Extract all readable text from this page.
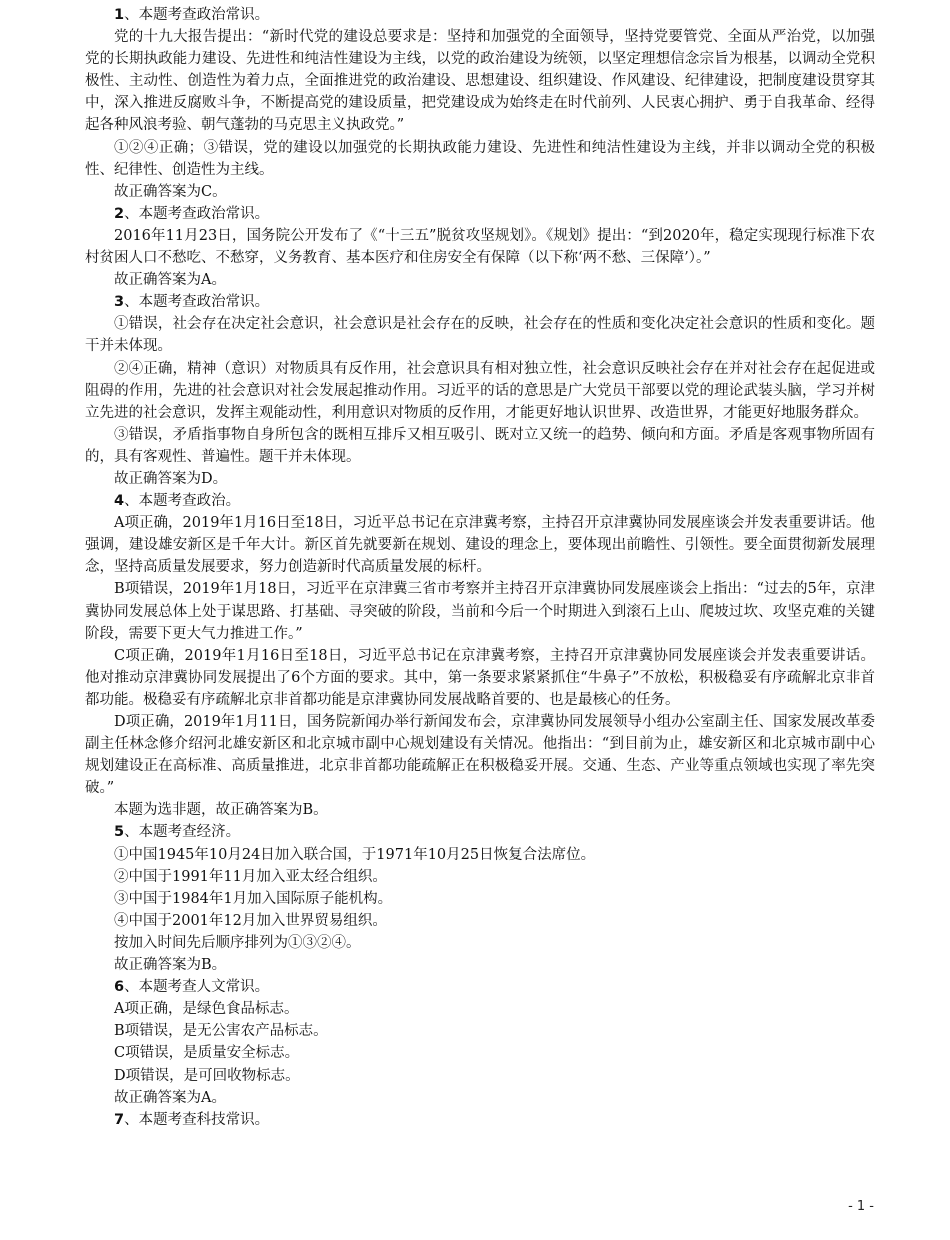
1、本题考查政治常识。

党的十九大报告提出：“新时代党的建设总要求是：坚持和加强党的全面领导，坚持党要管党、全面从严治党，以加强党的长期执政能力建设、先进性和纯洁性建设为主线，以党的政治建设为统领，以坚定理想信念宗旨为根基，以调动全党积极性、主动性、创造性为着力点，全面推进党的政治建设、思想建设、组织建设、作风建设、纪律建设，把制度建设贯穿其中，深入推进反腐败斗争，不断提高党的建设质量，把党建设成为始终走在时代前列、人民衷心拥护、勇于自我革命、经得起各种风浪考验、朝气蓬勃的马克思主义执政党。”

①②④正确；③错误，党的建设以加强党的长期执政能力建设、先进性和纯洁性建设为主线，并非以调动全党的积极性、纪律性、创造性为主线。

故正确答案为C。

2、本题考查政治常识。

2016年11月23日，国务院公开发布了《“十三五”脱贫攻坚规划》。《规划》提出：“到2020年，稳定实现现行标准下农村贫困人口不愁吃、不愁穿，义务教育、基本医疗和住房安全有保障（以下称‘两不愁、三保障’）。”

故正确答案为A。

3、本题考查政治常识。

①错误，社会存在决定社会意识，社会意识是社会存在的反映，社会存在的性质和变化决定社会意识的性质和变化。题干并未体现。

②④正确，精神（意识）对物质具有反作用，社会意识具有相对独立性，社会意识反映社会存在并对社会存在起促进或阻碍的作用，先进的社会意识对社会发展起推动作用。习近平的话的意思是广大党员干部要以党的理论武装头脑，学习并树立先进的社会意识，发挥主观能动性，利用意识对物质的反作用，才能更好地认识世界、改造世界，才能更好地服务群众。

③错误，矛盾指事物自身所包含的既相互排斥又相互吸引、既对立又统一的趋势、倾向和方面。矛盾是客观事物所固有的，具有客观性、普遍性。题干并未体现。

故正确答案为D。

4、本题考查政治。

A项正确，2019年1月16日至18日，习近平总书记在京津冀考察，主持召开京津冀协同发展座谈会并发表重要讲话。他强调，建设雄安新区是千年大计。新区首先就要新在规划、建设的理念上，要体现出前瞻性、引领性。要全面贯彻新发展理念，坚持高质量发展要求，努力创造新时代高质量发展的标杆。

B项错误，2019年1月18日，习近平在京津冀三省市考察并主持召开京津冀协同发展座谈会上指出：“过去的5年，京津冀协同发展总体上处于谋思路、打基础、寻突破的阶段，当前和今后一个时期进入到滚石上山、爬坡过坎、攻坚克难的关键阶段，需要下更大气力推进工作。”

C项正确，2019年1月16日至18日，习近平总书记在京津冀考察，主持召开京津冀协同发展座谈会并发表重要讲话。他对推动京津冀协同发展提出了6个方面的要求。其中，第一条要求紧紧抓住“牛鼻子”不放松，积极稳妥有序疏解北京非首都功能。极稳妥有序疏解北京非首都功能是京津冀协同发展战略首要的、也是最核心的任务。

D项正确，2019年1月11日，国务院新闻办举行新闻发布会，京津冀协同发展领导小组办公室副主任、国家发展改革委副主任林念修介绍河北雄安新区和北京城市副中心规划建设有关情况。他指出：“到目前为止，雄安新区和北京城市副中心规划建设正在高标准、高质量推进，北京非首都功能疏解正在积极稳妥开展。交通、生态、产业等重点领域也实现了率先突破。”

本题为选非题，故正确答案为B。

5、本题考查经济。

①中国1945年10月24日加入联合国，于1971年10月25日恢复合法席位。

②中国于1991年11月加入亚太经合组织。

③中国于1984年1月加入国际原子能机构。

④中国于2001年12月加入世界贸易组织。

按加入时间先后顺序排列为①③②④。

故正确答案为B。

6、本题考查人文常识。

A项正确，是绿色食品标志。

B项错误，是无公害农产品标志。

C项错误，是质量安全标志。

D项错误，是可回收物标志。

故正确答案为A。

7、本题考查科技常识。

- 1 -
